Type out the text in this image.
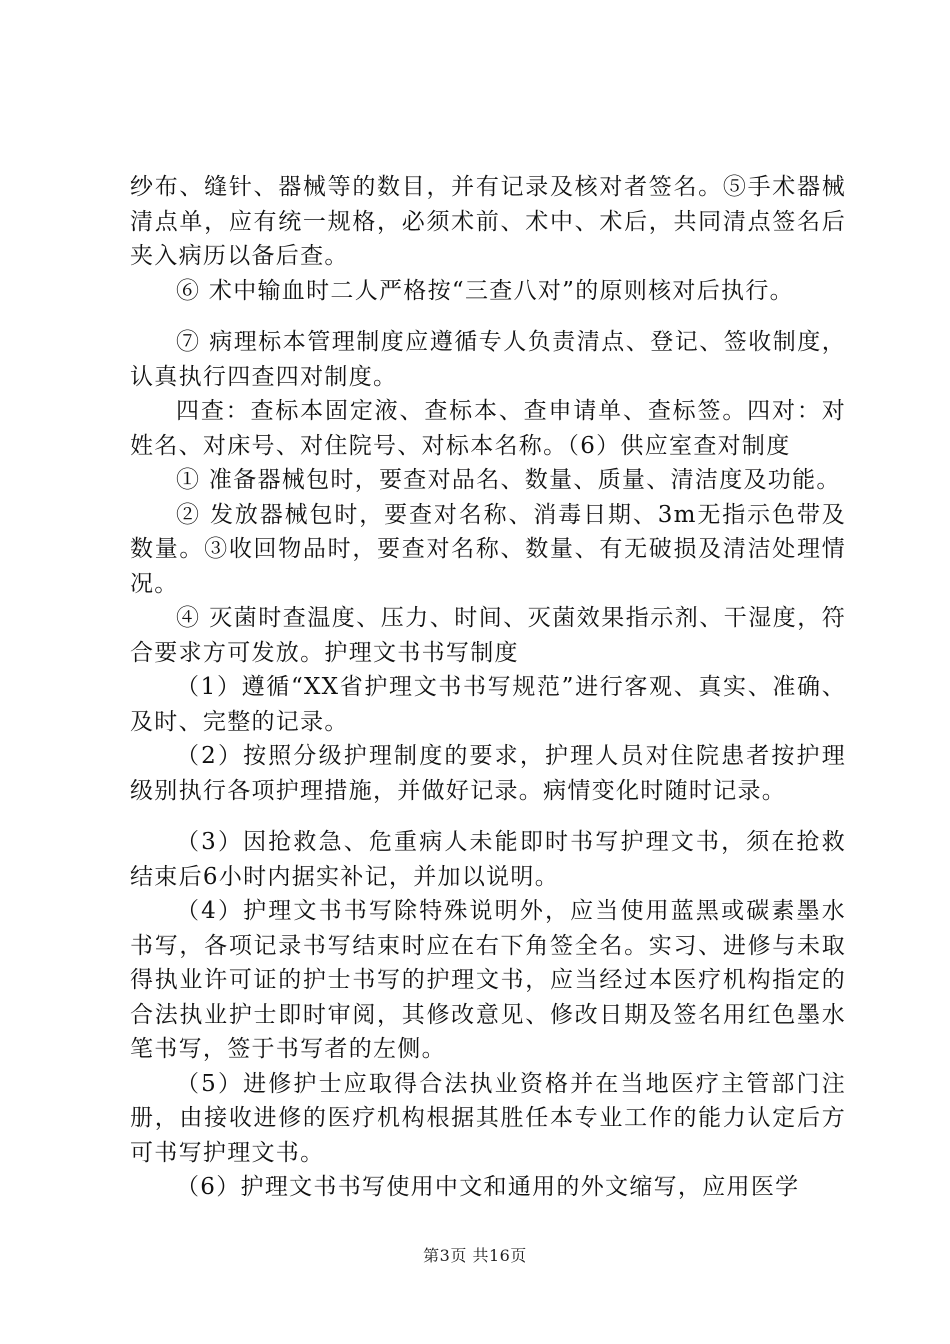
纱布、缝针、器械等的数目，并有记录及核对者签名。⑤手术器械清点单，应有统一规格，必须术前、术中、术后，共同清点签名后夹入病历以备后查。

⑥ 术中输血时二人严格按“三查八对”的原则核对后执行。

⑦ 病理标本管理制度应遵循专人负责清点、登记、签收制度，认真执行四查四对制度。

四查：查标本固定液、查标本、查申请单、查标签。四对：对姓名、对床号、对住院号、对标本名称。（6）供应室查对制度

① 准备器械包时，要查对品名、数量、质量、清洁度及功能。

② 发放器械包时，要查对名称、消毒日期、3m无指示色带及数量。③收回物品时，要查对名称、数量、有无破损及清洁处理情况。

④ 灭菌时查温度、压力、时间、灭菌效果指示剂、干湿度，符合要求方可发放。护理文书书写制度

（1）遵循“XX省护理文书书写规范”进行客观、真实、准确、及时、完整的记录。

（2）按照分级护理制度的要求，护理人员对住院患者按护理级别执行各项护理措施，并做好记录。病情变化时随时记录。

（3）因抢救急、危重病人未能即时书写护理文书，须在抢救结束后6小时内据实补记，并加以说明。

（4）护理文书书写除特殊说明外，应当使用蓝黑或碳素墨水书写，各项记录书写结束时应在右下角签全名。实习、进修与未取得执业许可证的护士书写的护理文书，应当经过本医疗机构指定的合法执业护士即时审阅，其修改意见、修改日期及签名用红色墨水笔书写，签于书写者的左侧。

（5）进修护士应取得合法执业资格并在当地医疗主管部门注册，由接收进修的医疗机构根据其胜任本专业工作的能力认定后方可书写护理文书。

（6）护理文书书写使用中文和通用的外文缩写，应用医学

第3页 共16页
